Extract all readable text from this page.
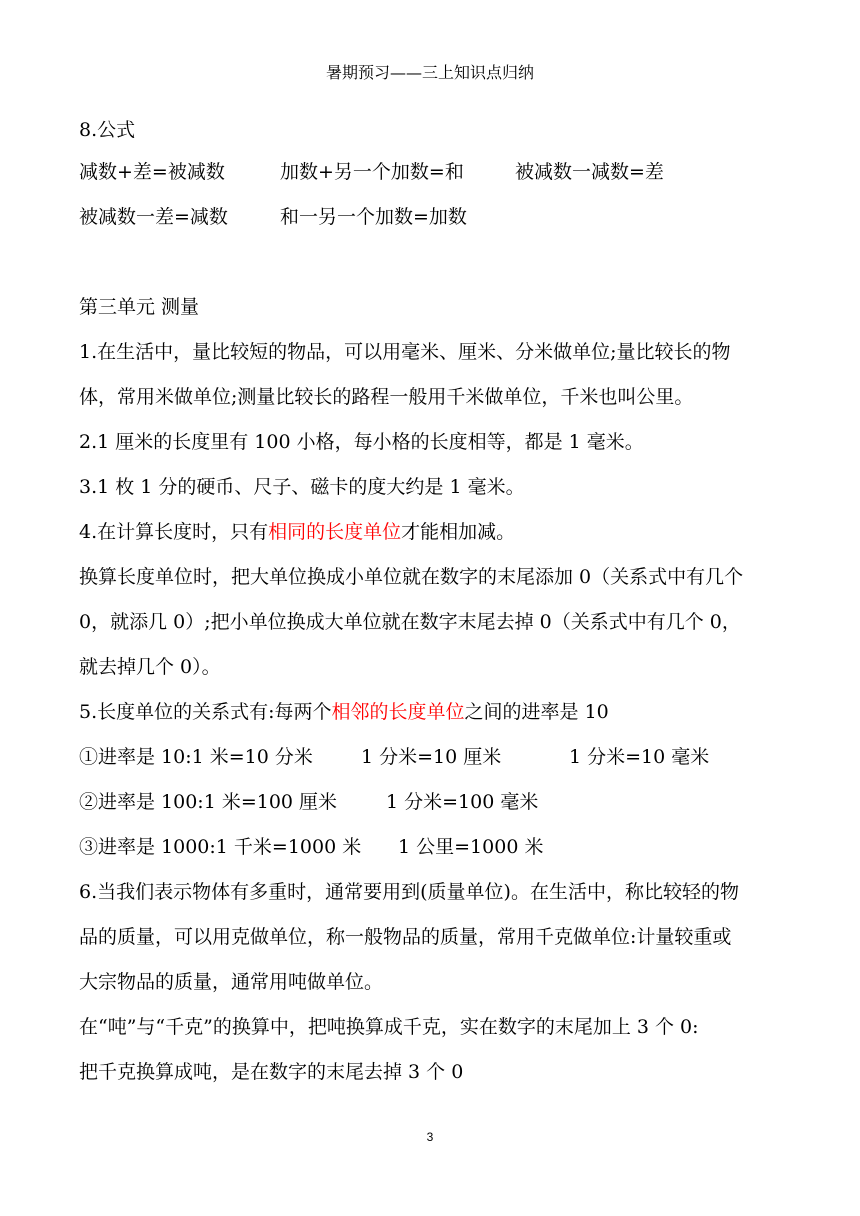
暑期预习——三上知识点归纳
8.公式
减数+差=被减数	加数+另一个加数=和	被减数一减数=差
被减数一差=减数	和一另一个加数=加数
第三单元 测量
1.在生活中，量比较短的物品，可以用毫米、厘米、分米做单位;量比较长的物
体，常用米做单位;测量比较长的路程一般用千米做单位，千米也叫公里。
2.1 厘米的长度里有 100 小格，每小格的长度相等，都是 1 毫米。
3.1 枚 1 分的硬币、尺子、磁卡的度大约是 1 毫米。
4.在计算长度时，只有相同的长度单位才能相加减。
换算长度单位时，把大单位换成小单位就在数字的末尾添加 0（关系式中有几个
0，就添几 0）;把小单位换成大单位就在数字末尾去掉 0（关系式中有几个 0，
就去掉几个 0）。
5.长度单位的关系式有:每两个相邻的长度单位之间的进率是 10
①进率是 10:1 米=10 分米	1 分米=10 厘米	1 分米=10 毫米
②进率是 100:1 米=100 厘米	1 分米=100 毫米
③进率是 1000:1 千米=1000 米 1 公里=1000 米
6.当我们表示物体有多重时，通常要用到(质量单位)。在生活中，称比较轻的物
品的质量，可以用克做单位，称一般物品的质量，常用千克做单位:计量较重或
大宗物品的质量，通常用吨做单位。
在“吨”与“千克”的换算中，把吨换算成千克，实在数字的末尾加上 3 个 0:
把千克换算成吨，是在数字的末尾去掉 3 个 0
3
